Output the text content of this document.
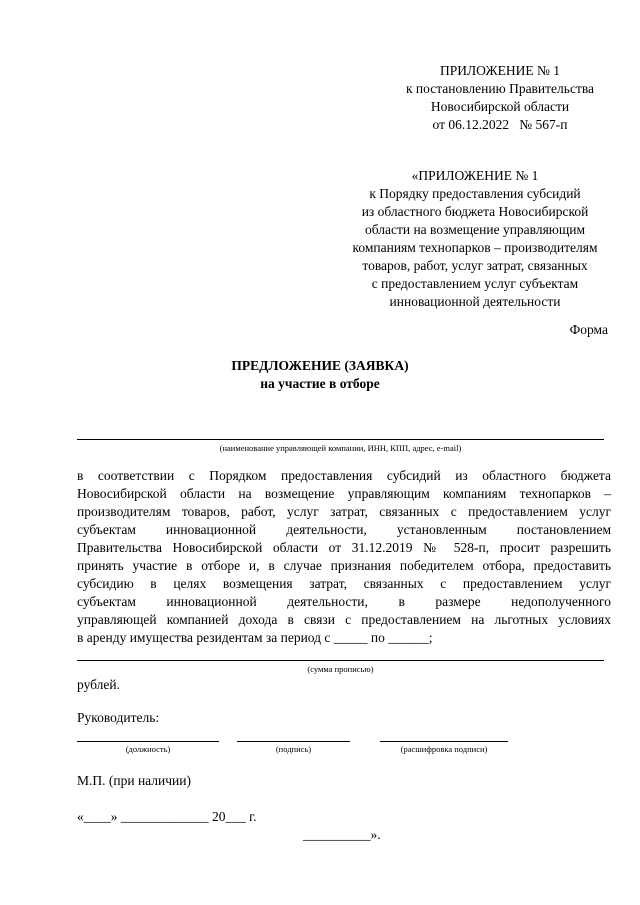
ПРИЛОЖЕНИЕ № 1
к постановлению Правительства
Новосибирской области
от 06.12.2022   № 567-п
«ПРИЛОЖЕНИЕ № 1
к Порядку предоставления субсидий
из областного бюджета Новосибирской
области на возмещение управляющим
компаниям технопарков – производителям
товаров, работ, услуг затрат, связанных
с предоставлением услуг субъектам
инновационной деятельности
Форма
ПРЕДЛОЖЕНИЕ (ЗАЯВКА)
на участие в отборе
(наименование управляющей компании, ИНН, КПП, адрес, e-mail)
в соответствии с Порядком предоставления субсидий из областного бюджета
Новосибирской области на возмещение управляющим компаниям технопарков –
производителям товаров, работ, услуг затрат, связанных с предоставлением услуг
субъектам инновационной деятельности, установленным постановлением
Правительства Новосибирской области от 31.12.2019 № 528-п, просит разрешить
принять участие в отборе и, в случае признания победителем отбора, предоставить
субсидию в целях возмещения затрат, связанных с предоставлением услуг
субъектам инновационной деятельности, в размере недополученного
управляющей компанией дохода в связи с предоставлением на льготных условиях
в аренду имущества резидентам за период с _____ по ______;
(сумма прописью)
рублей.
Руководитель:
(должность)	(подпись)	(расшифровка подписи)
М.П. (при наличии)
«____» _____________ 20___ г.
__________».
